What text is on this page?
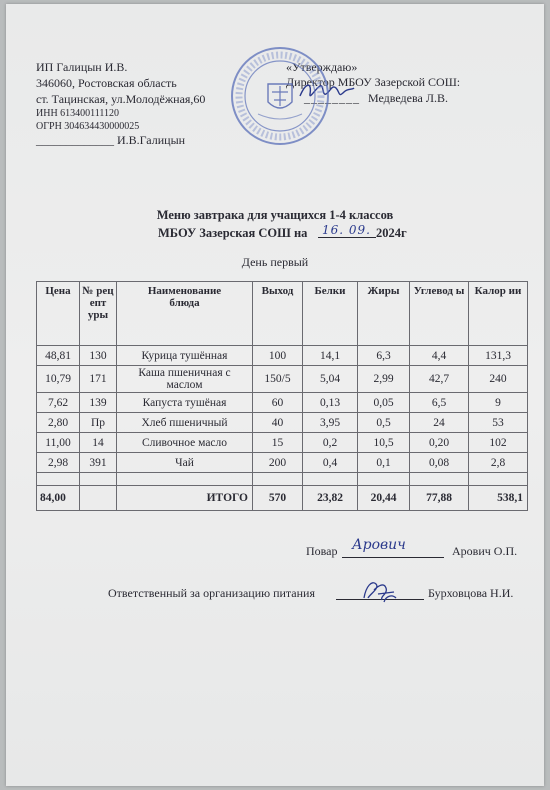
ИП Галицын И.В.
346060, Ростовская область
ст. Тацинская, ул.Молодёжная,60
ИНН 613400111120
ОГРН 304634430000025
_____________ И.В.Галицын
«Утверждаю»
Директор МБОУ Зазерской СОШ:
________ Медведева Л.В.
Меню завтрака для учащихся 1-4 классов
МБОУ Зазерская СОШ на 16. 09. 2024г
День первый
Цена	№ рец епт уры	Наименование блюда	Выход	Белки	Жиры	Углевод ы	Калор ии
48,81	130	Курица тушённая	100	14,1	6,3	4,4	131,3
10,79	171	Каша пшеничная с маслом	150/5	5,04	2,99	42,7	240
7,62	139	Капуста тушёная	60	0,13	0,05	6,5	9
2,80	Пр	Хлеб пшеничный	40	3,95	0,5	24	53
11,00	14	Сливочное масло	15	0,2	10,5	0,20	102
2,98	391	Чай	200	0,4	0,1	0,08	2,8

84,00		ИТОГО	570	23,82	20,44	77,88	538,1
Повар Арович	Арович О.П.
Ответственный за организацию питания	Бурховцова Н.И.
